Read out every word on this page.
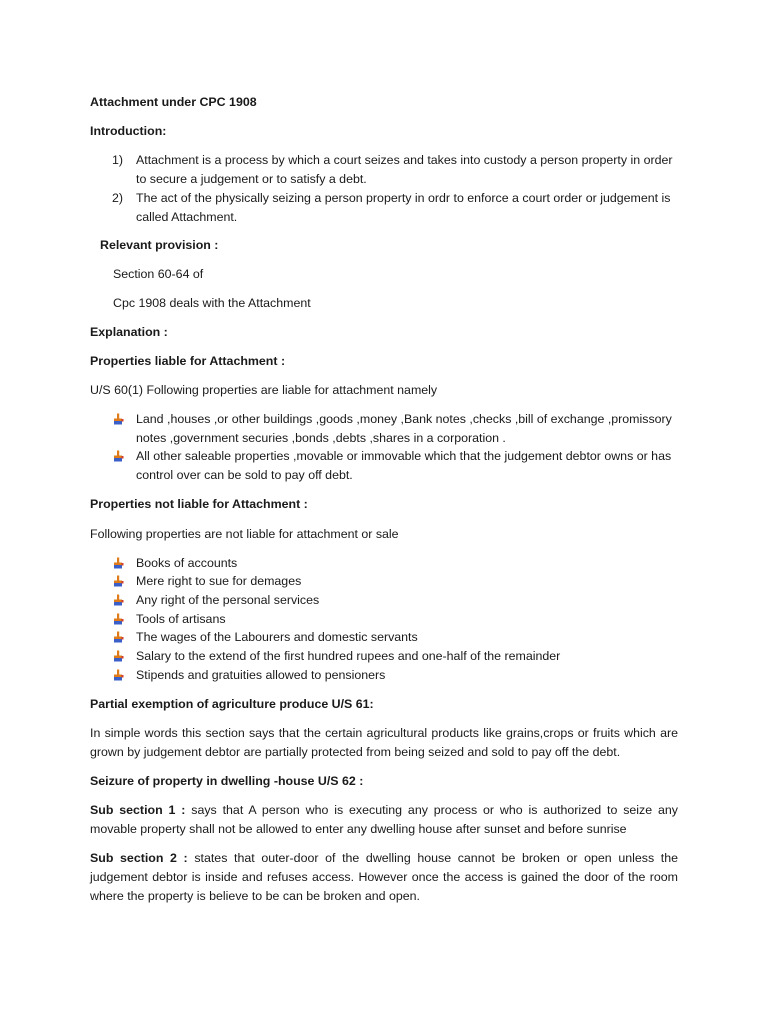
Attachment under CPC 1908
Introduction:
1) Attachment is a process by which a court seizes and takes into custody a person property in order to secure a judgement or to satisfy a debt.
2) The act of the physically seizing a person property in ordr to enforce a court order or judgement is called Attachment.
Relevant provision :
Section 60-64 of
Cpc 1908 deals with the Attachment
Explanation :
Properties liable for Attachment :
U/S 60(1) Following properties are liable for attachment namely
Land ,houses ,or other buildings ,goods ,money ,Bank notes ,checks ,bill of exchange ,promissory notes ,government securies ,bonds ,debts ,shares in a corporation .
All other saleable properties ,movable or immovable which that the judgement debtor owns or has control over can be sold to pay off debt.
Properties not liable for Attachment :
Following properties are not liable for attachment or sale
Books of accounts
Mere right to sue for demages
Any right of the personal services
Tools of artisans
The wages of the Labourers and domestic servants
Salary to the extend of the first hundred rupees and one-half of the remainder
Stipends and gratuities allowed to pensioners
Partial exemption of agriculture produce U/S 61:
In simple words this section says that the certain agricultural products like grains,crops or fruits which are grown by judgement debtor are partially protected from being seized and sold to pay off the debt.
Seizure of property in dwelling -house U/S 62 :
Sub section 1 : says that A person who is executing any process or who is authorized to seize any movable property shall not be allowed to enter any dwelling house after sunset and before sunrise
Sub section 2 : states that outer-door of the dwelling house cannot be broken or open unless the judgement debtor is inside and refuses access. However once the access is gained the door of the room where the property is believe to be can be broken and open.
